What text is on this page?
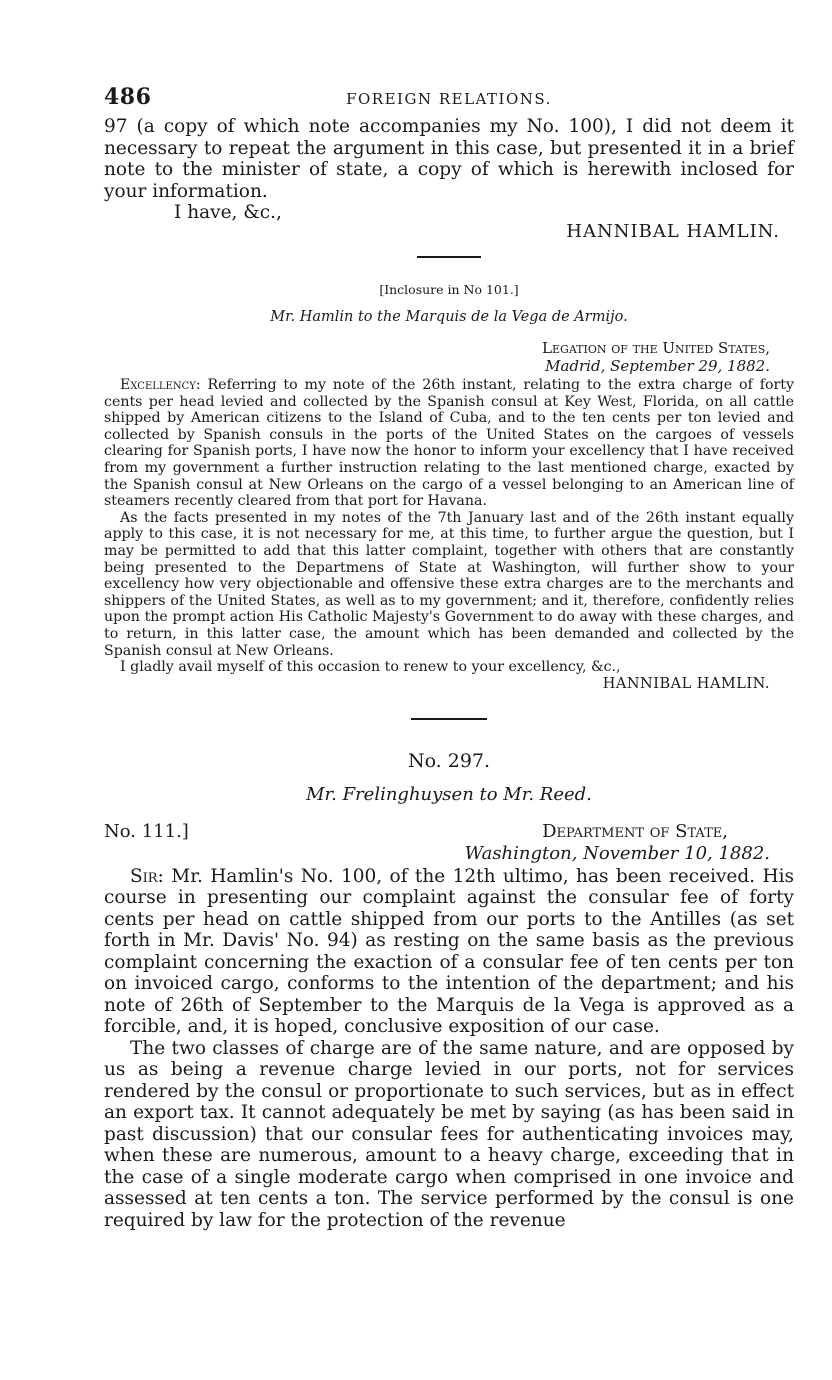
486	FOREIGN RELATIONS.

97 (a copy of which note accompanies my No. 100), I did not deem it necessary to repeat the argument in this case, but presented it in a brief note to the minister of state, a copy of which is herewith inclosed for your information.

I have, &c.,

HANNIBAL HAMLIN.

[Inclosure in No 101.]

Mr. Hamlin to the Marquis de la Vega de Armijo.

Legation of the United States,

Madrid, September 29, 1882.

Excellency: Referring to my note of the 26th instant, relating to the extra charge of forty cents per head levied and collected by the Spanish consul at Key West, Florida, on all cattle shipped by American citizens to the Island of Cuba, and to the ten cents per ton levied and collected by Spanish consuls in the ports of the United States on the cargoes of vessels clearing for Spanish ports, I have now the honor to inform your excellency that I have received from my government a further instruction relating to the last mentioned charge, exacted by the Spanish consul at New Orleans on the cargo of a vessel belonging to an American line of steamers recently cleared from that port for Havana.

As the facts presented in my notes of the 7th January last and of the 26th instant equally apply to this case, it is not necessary for me, at this time, to further argue the question, but I may be permitted to add that this latter complaint, together with others that are constantly being presented to the Departmens of State at Washington, will further show to your excellency how very objectionable and offensive these extra charges are to the merchants and shippers of the United States, as well as to my government; and it, therefore, confidently relies upon the prompt action His Catholic Majesty's Government to do away with these charges, and to return, in this latter case, the amount which has been demanded and collected by the Spanish consul at New Orleans.

I gladly avail myself of this occasion to renew to your excellency, &c.,

HANNIBAL HAMLIN.

No. 297.

Mr. Frelinghuysen to Mr. Reed.

No. 111.]	Department of State,

Washington, November 10, 1882.

Sir: Mr. Hamlin's No. 100, of the 12th ultimo, has been received. His course in presenting our complaint against the consular fee of forty cents per head on cattle shipped from our ports to the Antilles (as set forth in Mr. Davis' No. 94) as resting on the same basis as the previous complaint concerning the exaction of a consular fee of ten cents per ton on invoiced cargo, conforms to the intention of the department; and his note of 26th of September to the Marquis de la Vega is approved as a forcible, and, it is hoped, conclusive exposition of our case.

The two classes of charge are of the same nature, and are opposed by us as being a revenue charge levied in our ports, not for services rendered by the consul or proportionate to such services, but as in effect an export tax. It cannot adequately be met by saying (as has been said in past discussion) that our consular fees for authenticating invoices may, when these are numerous, amount to a heavy charge, exceeding that in the case of a single moderate cargo when comprised in one invoice and assessed at ten cents a ton. The service performed by the consul is one required by law for the protection of the revenue
